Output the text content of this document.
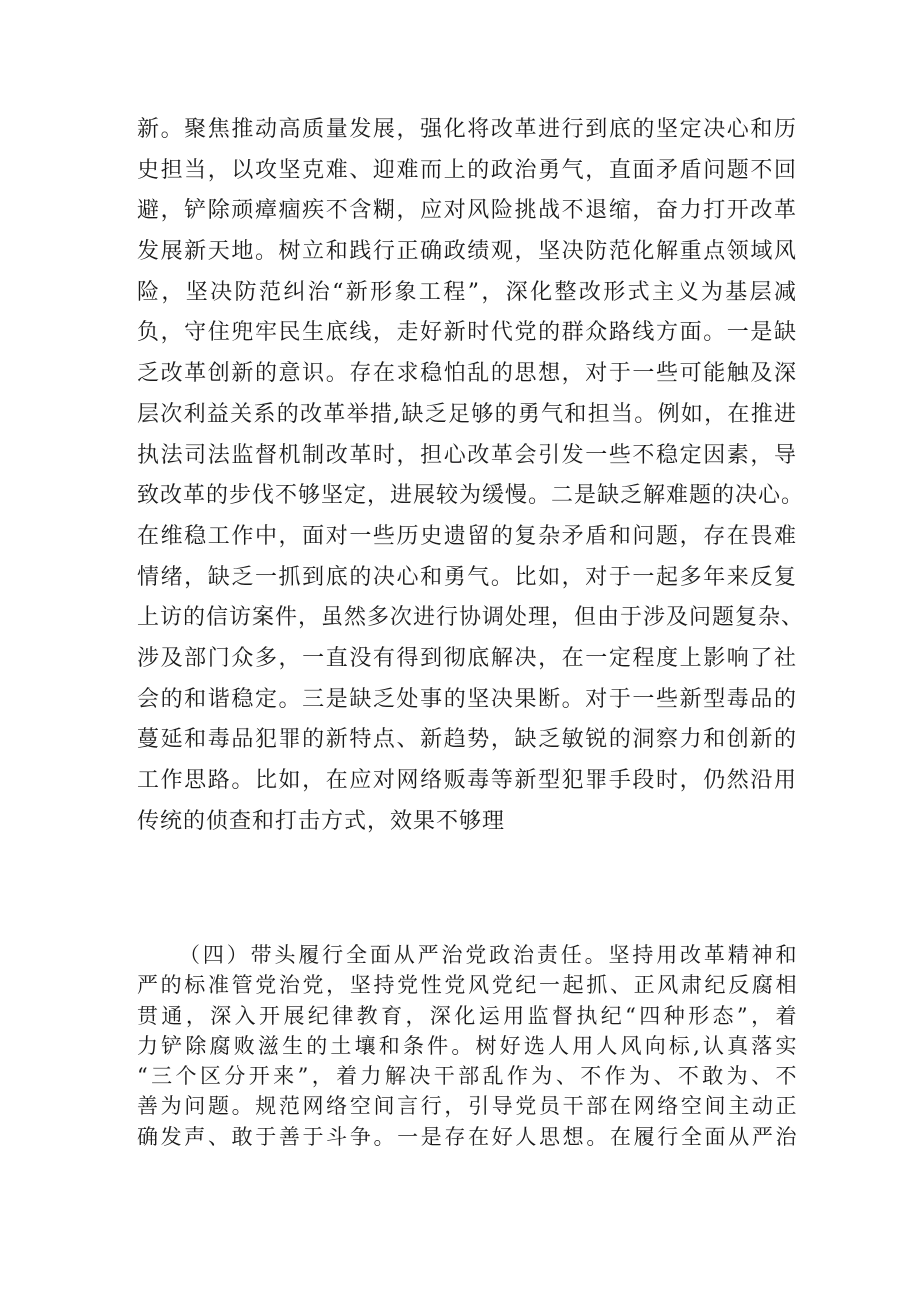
新。聚焦推动高质量发展，强化将改革进行到底的坚定决心和历
史担当，以攻坚克难、迎难而上的政治勇气，直面矛盾问题不回
避，铲除顽瘴痼疾不含糊，应对风险挑战不退缩，奋力打开改革
发展新天地。树立和践行正确政绩观，坚决防范化解重点领域风
险，坚决防范纠治“新形象工程”，深化整改形式主义为基层减
负，守住兜牢民生底线，走好新时代党的群众路线方面。一是缺
乏改革创新的意识。存在求稳怕乱的思想，对于一些可能触及深
层次利益关系的改革举措,缺乏足够的勇气和担当。例如，在推进
执法司法监督机制改革时，担心改革会引发一些不稳定因素，导
致改革的步伐不够坚定，进展较为缓慢。二是缺乏解难题的决心。
在维稳工作中，面对一些历史遗留的复杂矛盾和问题，存在畏难
情绪，缺乏一抓到底的决心和勇气。比如，对于一起多年来反复
上访的信访案件，虽然多次进行协调处理，但由于涉及问题复杂、
涉及部门众多，一直没有得到彻底解决，在一定程度上影响了社
会的和谐稳定。三是缺乏处事的坚决果断。对于一些新型毒品的
蔓延和毒品犯罪的新特点、新趋势，缺乏敏锐的洞察力和创新的
工作思路。比如，在应对网络贩毒等新型犯罪手段时，仍然沿用
传统的侦查和打击方式，效果不够理
（四）带头履行全面从严治党政治责任。坚持用改革精神和
严的标准管党治党，坚持党性党风党纪一起抓、正风肃纪反腐相
贯通，深入开展纪律教育，深化运用监督执纪“四种形态”，着
力铲除腐败滋生的土壤和条件。树好选人用人风向标,认真落实
“三个区分开来”，着力解决干部乱作为、不作为、不敢为、不
善为问题。规范网络空间言行，引导党员干部在网络空间主动正
确发声、敢于善于斗争。一是存在好人思想。在履行全面从严治
